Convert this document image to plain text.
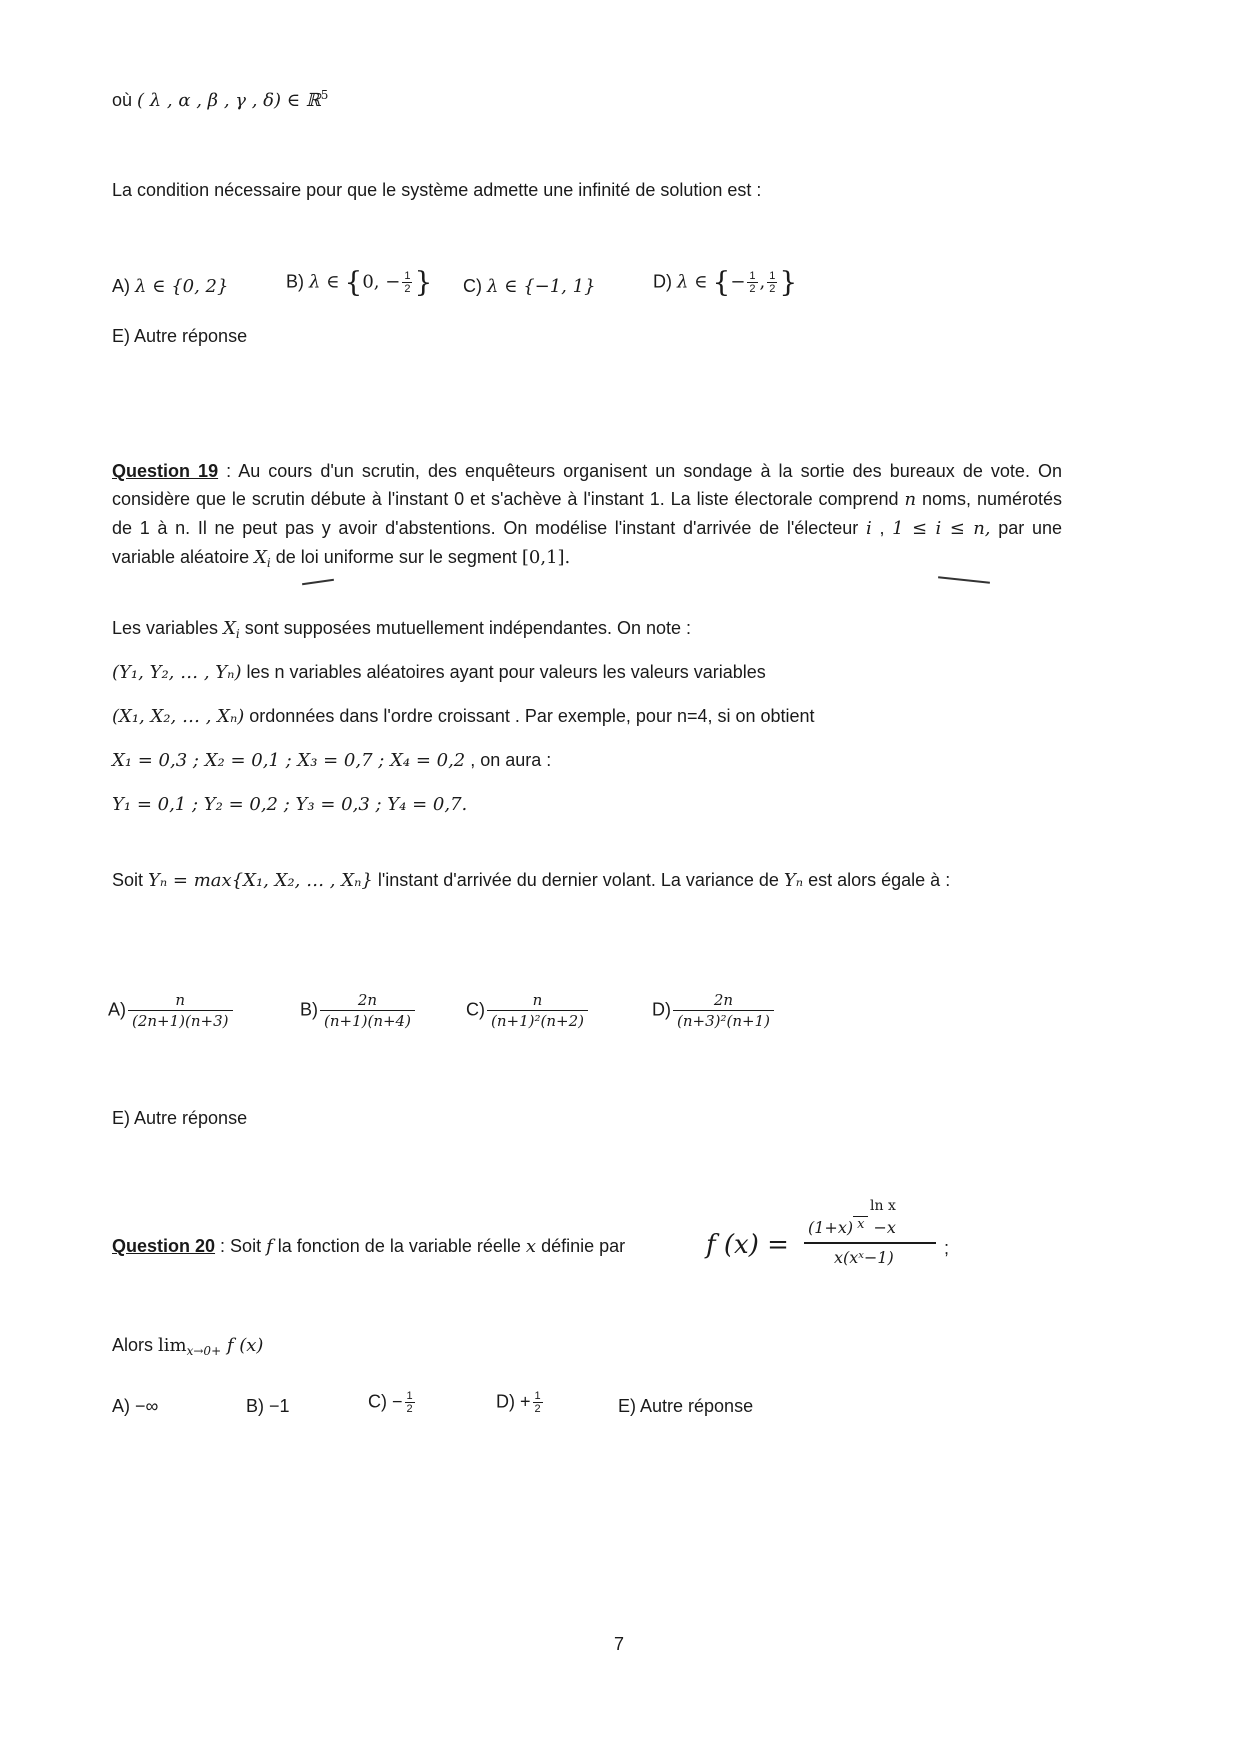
où ( λ , α , β , γ , δ) ∈ ℝ$^5$
La condition nécessaire pour que le système admette une infinité de solution est :
A) λ ∈ {0, 2}	B) λ ∈ {0, − $\frac{1}{2}$ } C) λ ∈ {−1, 1}	D) λ ∈ {− $\frac{1}{2}$ , $\frac{1}{2}$ }
E) Autre réponse
Question 19 : Au cours d'un scrutin, des enquêteurs organisent un sondage à la sortie des bureaux de vote. On considère que le scrutin débute à l'instant 0 et s'achève à l'instant 1. La liste électorale comprend n noms, numérotés de 1 à n. Il ne peut pas y avoir d'abstentions. On modélise l'instant d'arrivée de l'électeur i , 1 ≤ i ≤ n, par une variable aléatoire $X_i$ de loi uniforme sur le segment [0,1].
Les variables $X_i$ sont supposées mutuellement indépendantes. On note :
(Y₁, Y₂, … , Yₙ) les n variables aléatoires ayant pour valeurs les valeurs variables
(X₁, X₂, … , Xₙ) ordonnées dans l'ordre croissant . Par exemple, pour n=4, si on obtient
X₁ = 0,3 ; X₂ = 0,1 ; X₃ = 0,7 ; X₄ = 0,2 , on aura :
Y₁ = 0,1 ; Y₂ = 0,2 ; Y₃ = 0,3 ; Y₄ = 0,7.
Soit Yₙ = max{X₁, X₂, … , Xₙ} l'instant d'arrivée du dernier volant. La variance de Yₙ est alors égale à :
$A) \frac{n}{(2n+1)(n+3)}$	$B) \frac{2n}{(n+1)(n+4)}$	$C) \frac{n}{\text{(n+1)²(n+2)}}$	$D) \frac{2n}{\text{(n+3)²(n+1)}}$
E) Autre réponse
Question 20 : Soit f la fonction de la variable réelle x définie par	f (x) =
ln x
(1+x) x −x
x(xˣ−1)	;
Alors $\lim_{x\to 0+} f$ (x)
A) −∞	B) −1	$C) - \frac{1}{2}$	$D) + \frac{1}{2}$	E) Autre réponse
7
